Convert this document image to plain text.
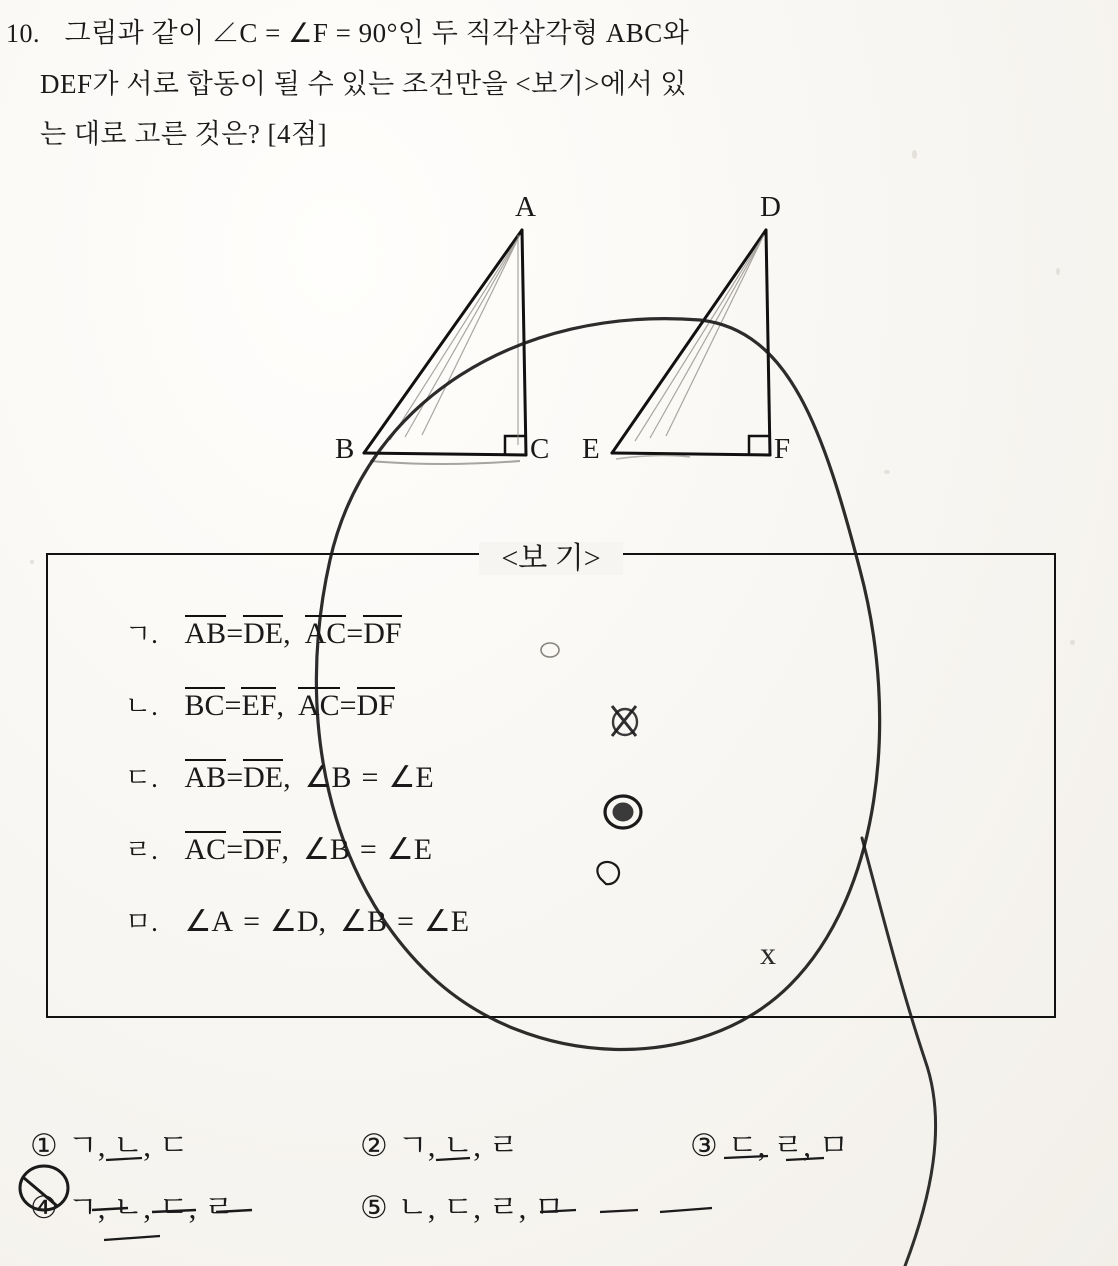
10. 그림과 같이 ∠C = ∠F = 90°인 두 직각삼각형 ABC와
DEF가 서로 합동이 될 수 있는 조건만을 <보기>에서 있
는 대로 고른 것은? [4점]
A
B	C
D
E	F
<보 기>
ㄱ. AB=DE, AC=DF
ㄴ. BC=EF, AC=DF
ㄷ. AB=DE, ∠B = ∠E
ㄹ. AC=DF, ∠B = ∠E
ㅁ. ∠A = ∠D, ∠B = ∠E
① ㄱ, ㄴ, ㄷ	② ㄱ, ㄴ, ㄹ	③ ㄷ, ㄹ, ㅁ
④ ㄱ, ㄴ, ㄷ, ㄹ	⑤ ㄴ, ㄷ, ㄹ, ㅁ
x
